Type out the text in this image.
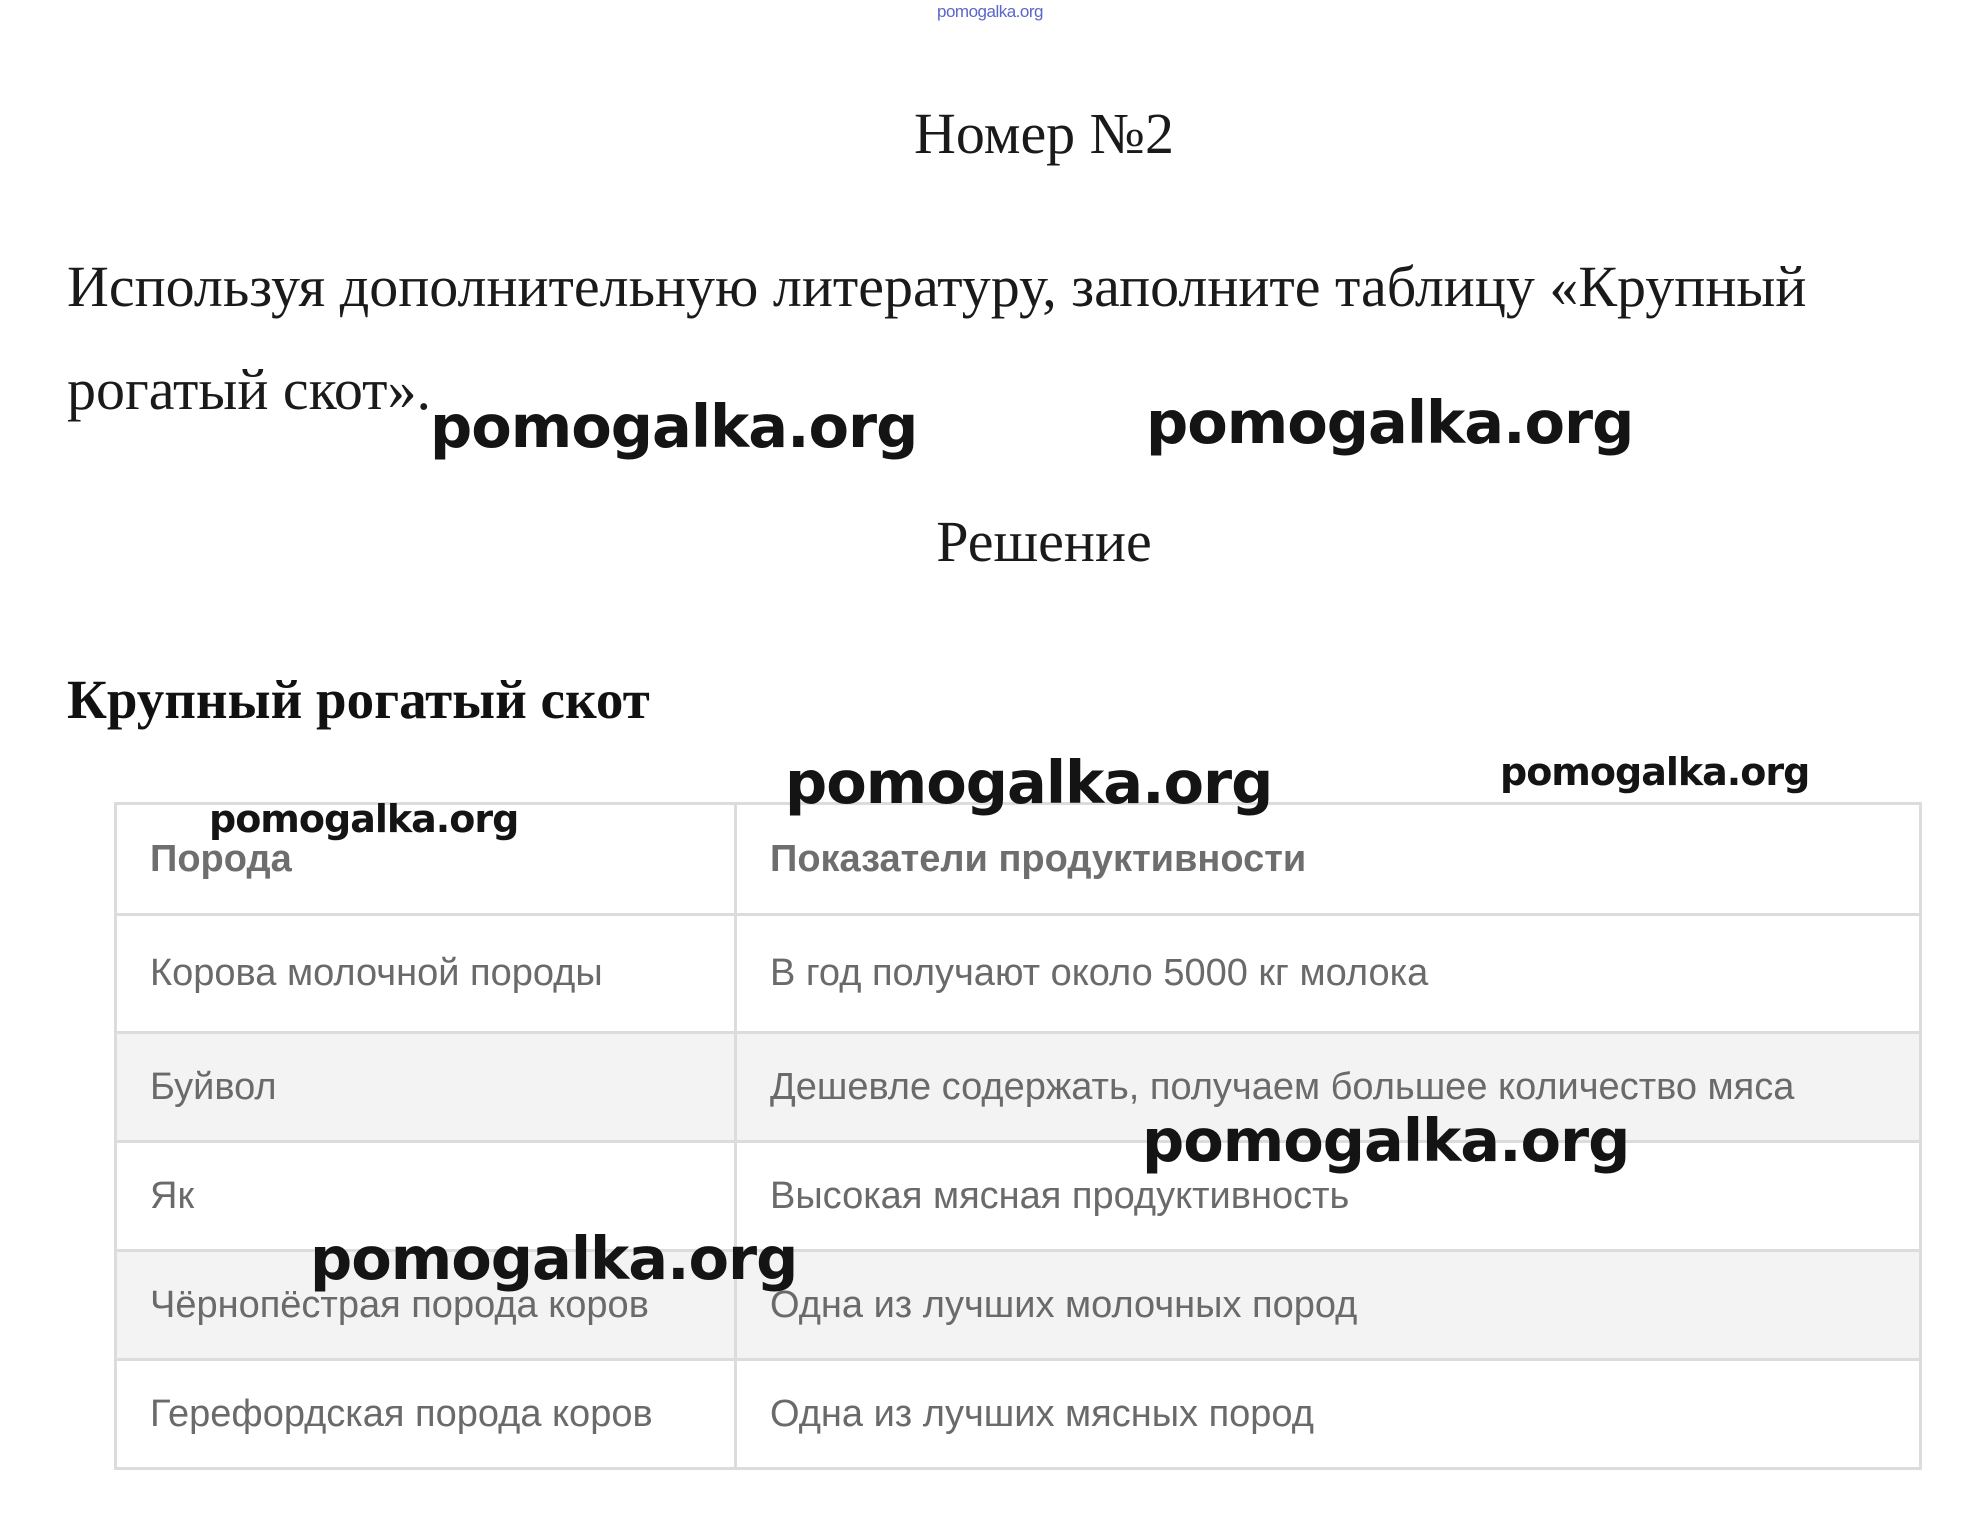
pomogalka.org
Номер №2
Используя дополнительную литературу, заполните таблицу «Крупный рогатый скот».
Решение
Крупный рогатый скот
Порода	Показатели продуктивности
Корова молочной породы	В год получают около 5000 кг молока
Буйвол	Дешевле содержать, получаем большее количество мяса
Як	Высокая мясная продуктивность
Чёрнопёстрая порода коров	Одна из лучших молочных пород
Герефордская порода коров	Одна из лучших мясных пород
pomogalka.org	pomogalka.org
pomogalka.org	pomogalka.org
pomogalka.org
pomogalka.org
pomogalka.org
